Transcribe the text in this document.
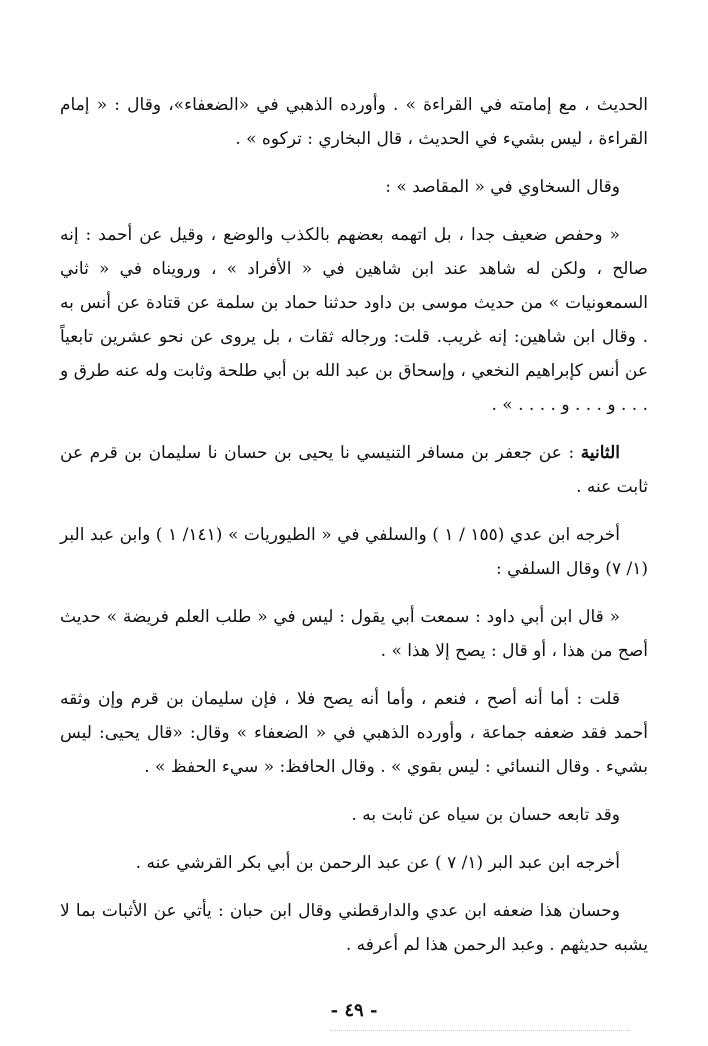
الحديث ، مع إمامته في القراءة » . وأورده الذهبي في «الضعفاء»، وقال : « إمام القراءة ، ليس بشيء في الحديث ، قال البخاري : تركوه » .

وقال السخاوي في « المقاصد » :

« وحفص ضعيف جدا ، بل اتهمه بعضهم بالكذب والوضع ، وقيل عن أحمد : إنه صالح ، ولكن له شاهد عند ابن شاهين في « الأفراد » ، ورويناه في « ثاني السمعونيات » من حديث موسى بن داود حدثنا حماد بن سلمة عن قتادة عن أنس به . وقال ابن شاهين: إنه غريب. قلت: ورجاله ثقات ، بل يروى عن نحو عشرين تابعياً عن أنس كإبراهيم النخعي ، وإسحاق بن عبد الله بن أبي طلحة وثابت وله عنه طرق و . . . و . . . و . . . . » .

الثانية : عن جعفر بن مسافر التنيسي نا يحيى بن حسان نا سليمان بن قرم عن ثابت عنه .

أخرجه ابن عدي (١٥٥ / ١ ) والسلفي في « الطيوريات » (١٤١/ ١ ) وابن عبد البر (١/ ٧) وقال السلفي :

« قال ابن أبي داود : سمعت أبي يقول : ليس في « طلب العلم فريضة » حديث أصح من هذا ، أو قال : يصح إلا هذا » .

قلت : أما أنه أصح ، فنعم ، وأما أنه يصح فلا ، فإن سليمان بن قرم وإن وثقه أحمد فقد ضعفه جماعة ، وأورده الذهبي في « الضعفاء » وقال: «قال يحيى: ليس بشيء . وقال النسائي : ليس بقوي » . وقال الحافظ: « سيء الحفظ » .

وقد تابعه حسان بن سياه عن ثابت به .

أخرجه ابن عبد البر (١/ ٧ ) عن عبد الرحمن بن أبي بكر القرشي عنه .

وحسان هذا ضعفه ابن عدي والدارقطني وقال ابن حبان : يأتي عن الأثبات بما لا يشبه حديثهم . وعبد الرحمن هذا لم أعرفه .

- ٤٩ -
